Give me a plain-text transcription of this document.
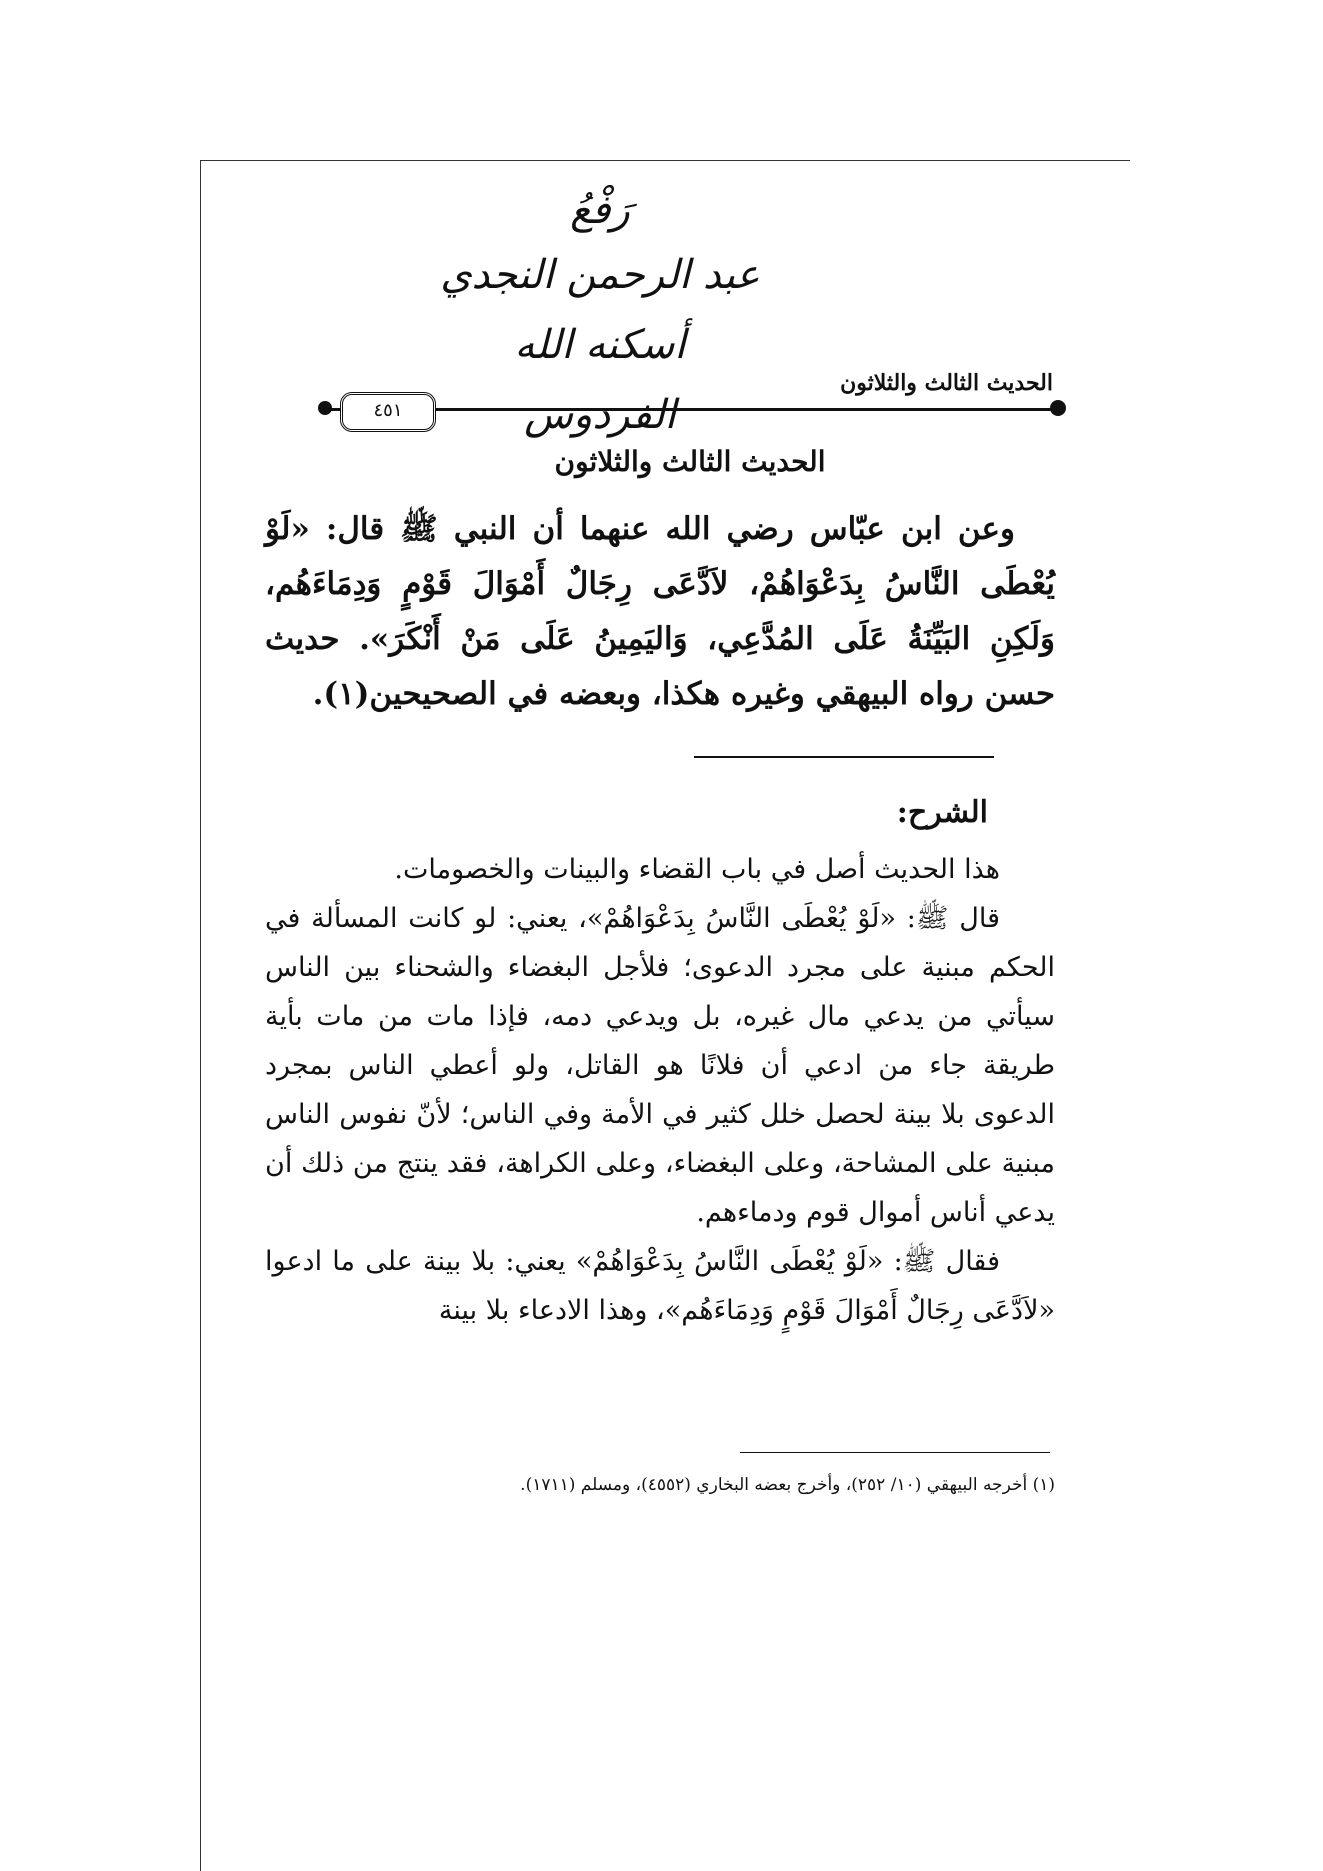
رَفْعُ
عبد الرحمن النجدي
أسكنه الله الفردوس
الحديث الثالث والثلاثون
٤٥١
الحديث الثالث والثلاثون

وعن ابن عبّاس رضي الله عنهما أن النبي ﷺ قال: «لَوْ يُعْطَى النَّاسُ بِدَعْوَاهُمْ، لاَدَّعَى رِجَالٌ أَمْوَالَ قَوْمٍ وَدِمَاءَهُم، وَلَكِنِ البَيِّنَةُ عَلَى المُدَّعِي، وَاليَمِينُ عَلَى مَنْ أَنْكَرَ». حديث حسن رواه البيهقي وغيره هكذا، وبعضه في الصحيحين(١).

الشرح:

هذا الحديث أصل في باب القضاء والبينات والخصومات.

قال ﷺ: «لَوْ يُعْطَى النَّاسُ بِدَعْوَاهُمْ»، يعني: لو كانت المسألة في الحكم مبنية على مجرد الدعوى؛ فلأجل البغضاء والشحناء بين الناس سيأتي من يدعي مال غيره، بل ويدعي دمه، فإذا مات من مات بأية طريقة جاء من ادعي أن فلانًا هو القاتل، ولو أعطي الناس بمجرد الدعوى بلا بينة لحصل خلل كثير في الأمة وفي الناس؛ لأنّ نفوس الناس مبنية على المشاحة، وعلى البغضاء، وعلى الكراهة، فقد ينتج من ذلك أن يدعي أناس أموال قوم ودماءهم.

فقال ﷺ: «لَوْ يُعْطَى النَّاسُ بِدَعْوَاهُمْ» يعني: بلا بينة على ما ادعوا «لاَدَّعَى رِجَالٌ أَمْوَالَ قَوْمٍ وَدِمَاءَهُم»، وهذا الادعاء بلا بينة

(١) أخرجه البيهقي (١٠/ ٢٥٢)، وأخرج بعضه البخاري (٤٥٥٢)، ومسلم (١٧١١).
